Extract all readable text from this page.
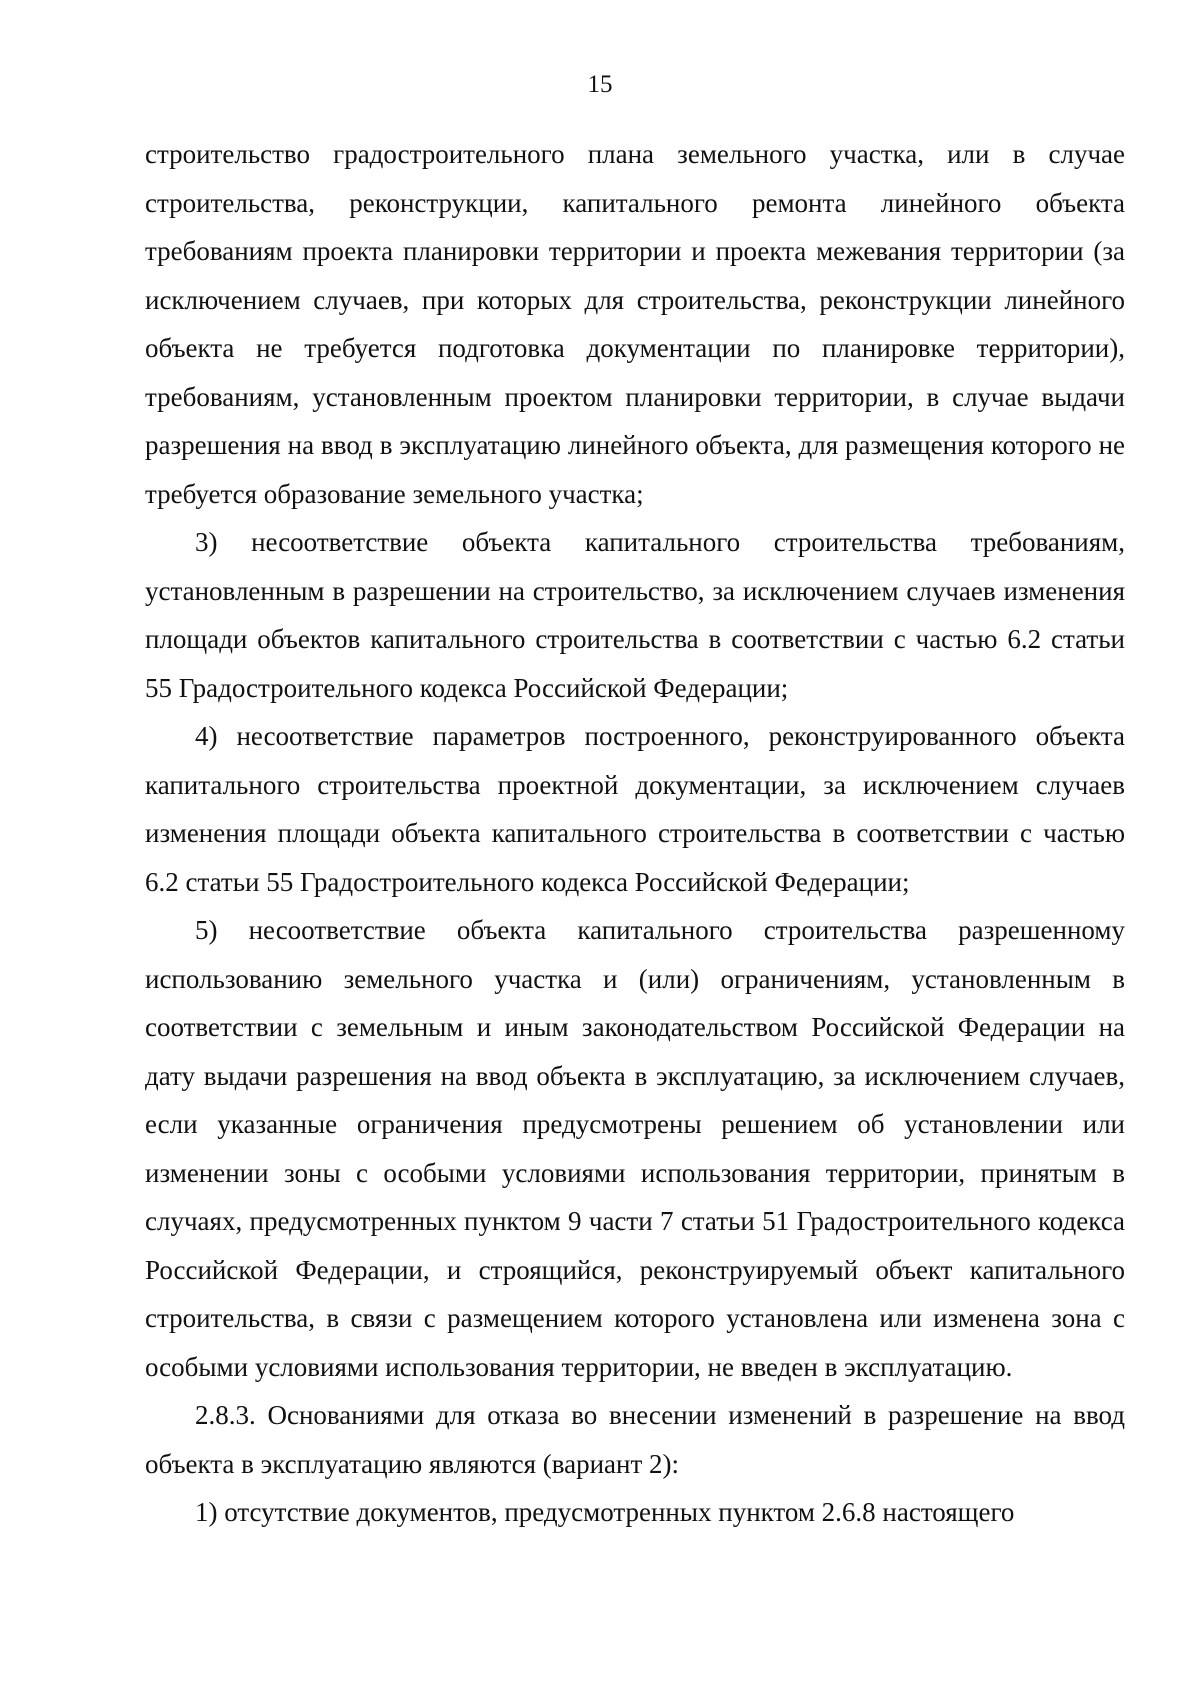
15

строительство градостроительного плана земельного участка, или в случае строительства, реконструкции, капитального ремонта линейного объекта требованиям проекта планировки территории и проекта межевания территории (за исключением случаев, при которых для строительства, реконструкции линейного объекта не требуется подготовка документации по планировке территории), требованиям, установленным проектом планировки территории, в случае выдачи разрешения на ввод в эксплуатацию линейного объекта, для размещения которого не требуется образование земельного участка;

3) несоответствие объекта капитального строительства требованиям, установленным в разрешении на строительство, за исключением случаев изменения площади объектов капитального строительства в соответствии с частью 6.2 статьи 55 Градостроительного кодекса Российской Федерации;

4) несоответствие параметров построенного, реконструированного объекта капитального строительства проектной документации, за исключением случаев изменения площади объекта капитального строительства в соответствии с частью 6.2 статьи 55 Градостроительного кодекса Российской Федерации;

5) несоответствие объекта капитального строительства разрешенному использованию земельного участка и (или) ограничениям, установленным в соответствии с земельным и иным законодательством Российской Федерации на дату выдачи разрешения на ввод объекта в эксплуатацию, за исключением случаев, если указанные ограничения предусмотрены решением об установлении или изменении зоны с особыми условиями использования территории, принятым в случаях, предусмотренных пунктом 9 части 7 статьи 51 Градостроительного кодекса Российской Федерации, и строящийся, реконструируемый объект капитального строительства, в связи с размещением которого установлена или изменена зона с особыми условиями использования территории, не введен в эксплуатацию.

2.8.3. Основаниями для отказа во внесении изменений в разрешение на ввод объекта в эксплуатацию являются (вариант 2):

1) отсутствие документов, предусмотренных пунктом 2.6.8 настоящего
